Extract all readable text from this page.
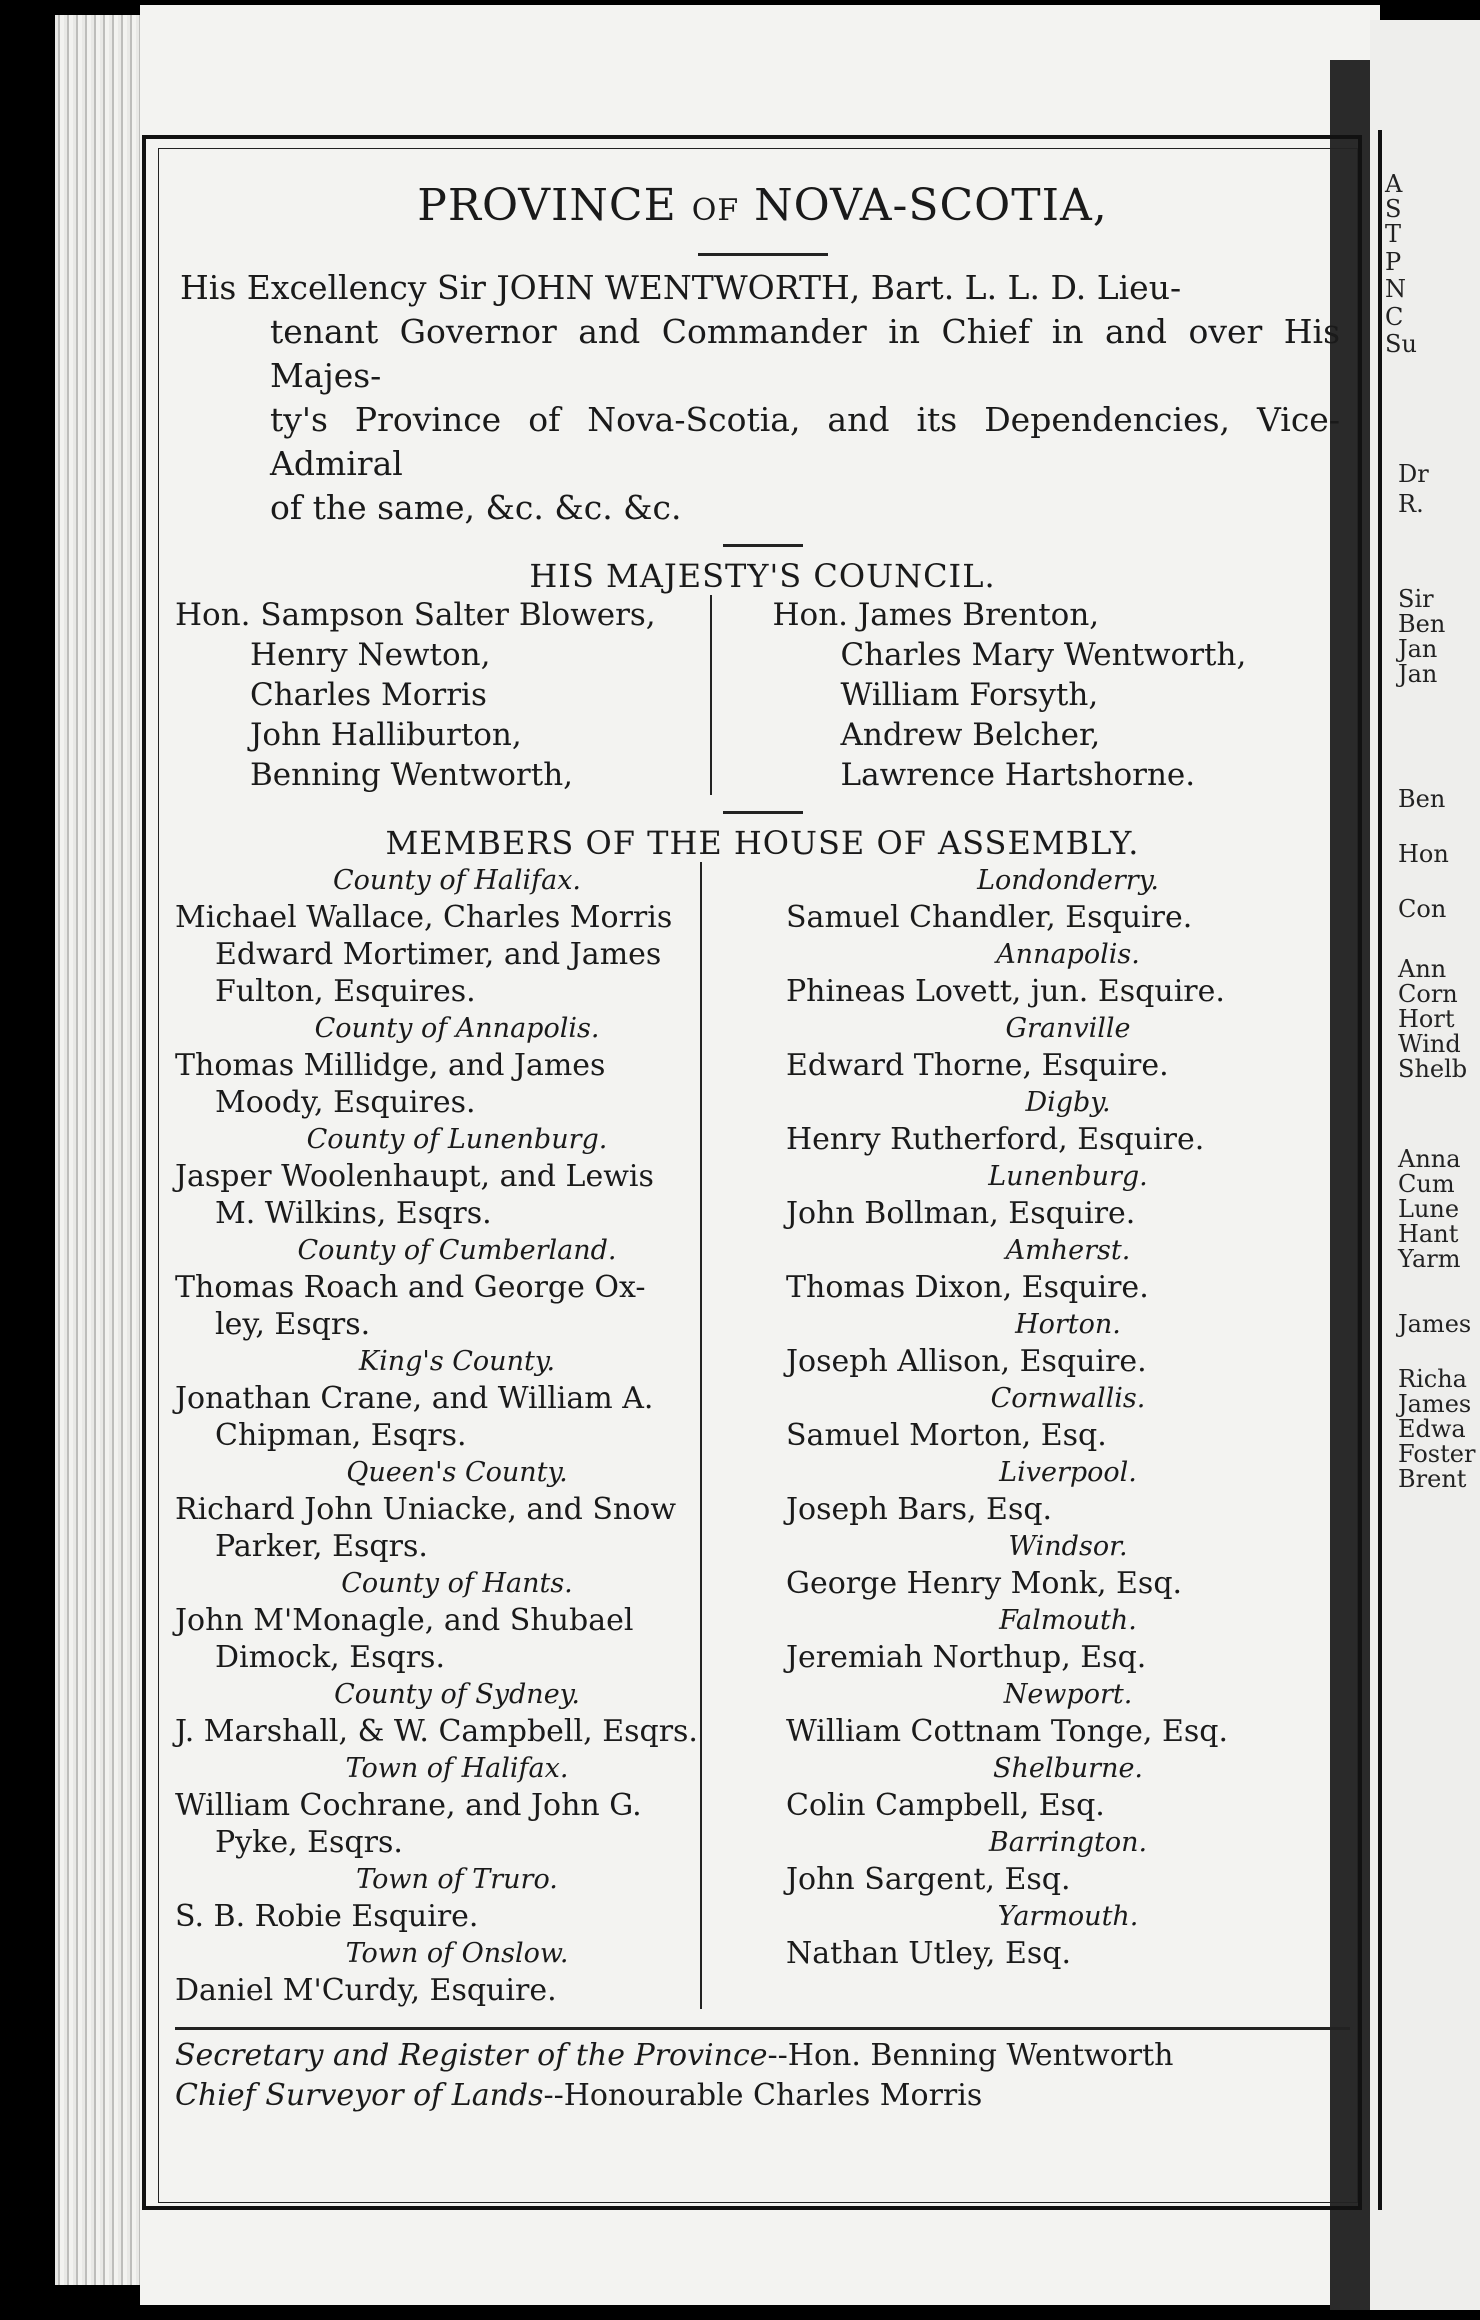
A
S
T
P
N
C
Su
Dr
R.
Sir
Ben
Jan
Jan
Ben
Hon
Con
Ann
Corn
Hort
Wind
Shelb
Anna
Cum
Lune
Hant
Yarm
James
Richa
James
Edwa
Foster
Brent
PROVINCE OF NOVA-SCOTIA,
His Excellency Sir JOHN WENTWORTH, Bart. L. L. D. Lieu-
tenant Governor and Commander in Chief in and over His Majes-
ty's Province of Nova-Scotia, and its Dependencies, Vice-Admiral
of the same, &c. &c. &c.
HIS MAJESTY'S COUNCIL.
Hon. Sampson Salter Blowers,
Henry Newton,
Charles Morris
John Halliburton,
Benning Wentworth,
Hon. James Brenton,
Charles Mary Wentworth,
William Forsyth,
Andrew Belcher,
Lawrence Hartshorne.
MEMBERS OF THE HOUSE OF ASSEMBLY.
County of Halifax.
Michael Wallace, Charles Morris
Edward Mortimer, and James
Fulton, Esquires.
County of Annapolis.
Thomas Millidge, and James
Moody, Esquires.
County of Lunenburg.
Jasper Woolenhaupt, and Lewis
M. Wilkins, Esqrs.
County of Cumberland.
Thomas Roach and George Ox-
ley, Esqrs.
King's County.
Jonathan Crane, and William A.
Chipman, Esqrs.
Queen's County.
Richard John Uniacke, and Snow
Parker, Esqrs.
County of Hants.
John M'Monagle, and Shubael
Dimock, Esqrs.
County of Sydney.
J. Marshall, & W. Campbell, Esqrs.
Town of Halifax.
William Cochrane, and John G.
Pyke, Esqrs.
Town of Truro.
S. B. Robie Esquire.
Town of Onslow.
Daniel M'Curdy, Esquire.
Londonderry.
Samuel Chandler, Esquire.
Annapolis.
Phineas Lovett, jun. Esquire.
Granville
Edward Thorne, Esquire.
Digby.
Henry Rutherford, Esquire.
Lunenburg.
John Bollman, Esquire.
Amherst.
Thomas Dixon, Esquire.
Horton.
Joseph Allison, Esquire.
Cornwallis.
Samuel Morton, Esq.
Liverpool.
Joseph Bars, Esq.
Windsor.
George Henry Monk, Esq.
Falmouth.
Jeremiah Northup, Esq.
Newport.
William Cottnam Tonge, Esq.
Shelburne.
Colin Campbell, Esq.
Barrington.
John Sargent, Esq.
Yarmouth.
Nathan Utley, Esq.
Secretary and Register of the Province--Hon. Benning Wentworth
Chief Surveyor of Lands--Honourable Charles Morris
